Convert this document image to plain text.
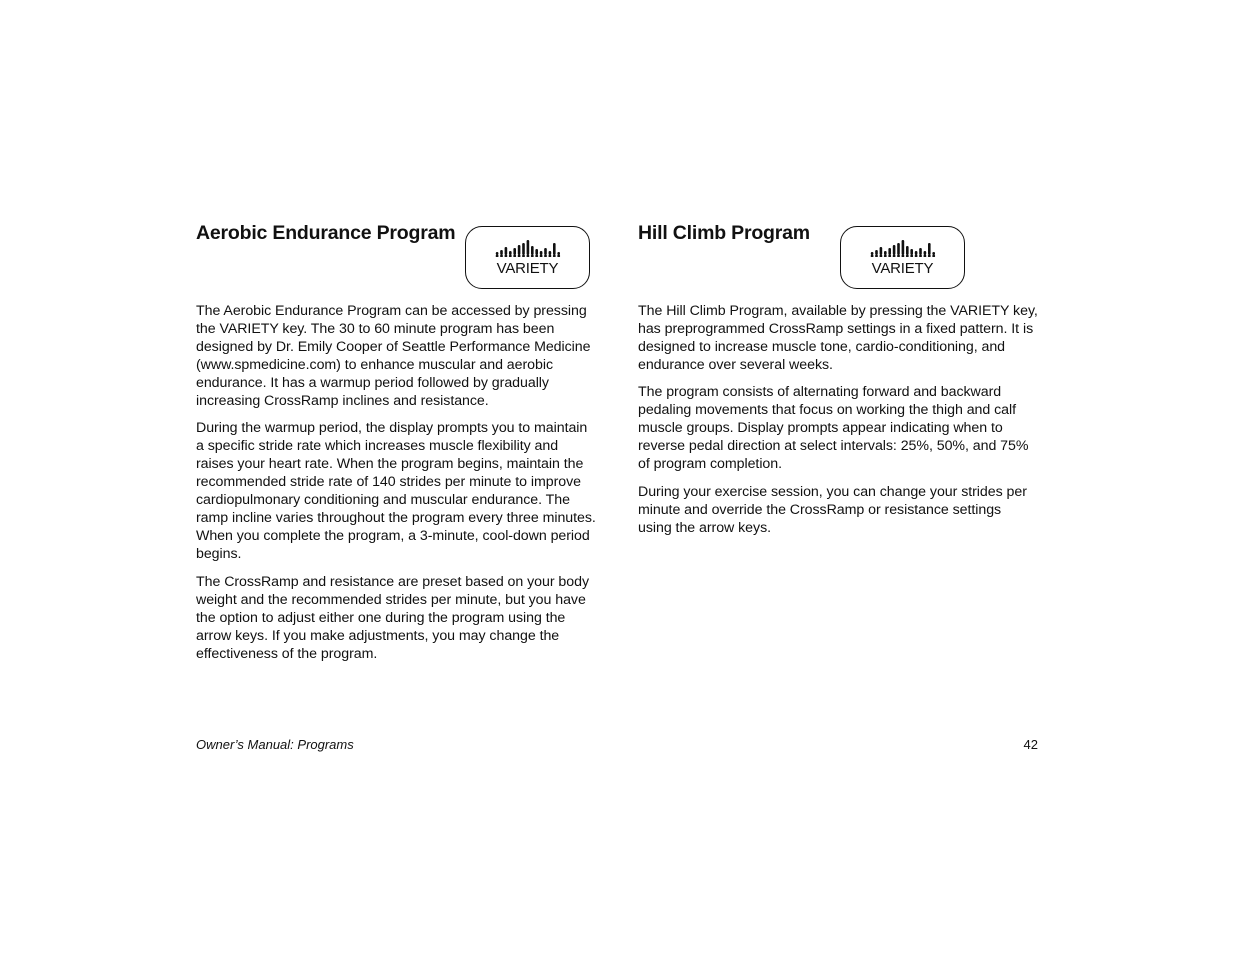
Aerobic Endurance Program
VARIETY

The Aerobic Endurance Program can be accessed by pressing the VARIETY key. The 30 to 60 minute program has been designed by Dr. Emily Cooper of Seattle Performance Medicine (www.spmedicine.com) to enhance muscular and aerobic endurance. It has a warmup period followed by gradually increasing CrossRamp inclines and resistance.

During the warmup period, the display prompts you to maintain a specific stride rate which increases muscle flexibility and raises your heart rate. When the program begins, maintain the recommended stride rate of 140 strides per minute to improve cardiopulmonary conditioning and muscular endurance. The ramp incline varies throughout the program every three minutes. When you complete the program, a 3-minute, cool-down period begins.

The CrossRamp and resistance are preset based on your body weight and the recommended strides per minute, but you have the option to adjust either one during the program using the arrow keys. If you make adjustments, you may change the effectiveness of the program.

Hill Climb Program
VARIETY

The Hill Climb Program, available by pressing the VARIETY key, has preprogrammed CrossRamp settings in a fixed pattern. It is designed to increase muscle tone, cardio-conditioning, and endurance over several weeks.

The program consists of alternating forward and backward pedaling movements that focus on working the thigh and calf muscle groups. Display prompts appear indicating when to reverse pedal direction at select intervals: 25%, 50%, and 75% of program completion.

During your exercise session, you can change your strides per minute and override the CrossRamp or resistance settings using the arrow keys.

Owner’s Manual: Programs	42
